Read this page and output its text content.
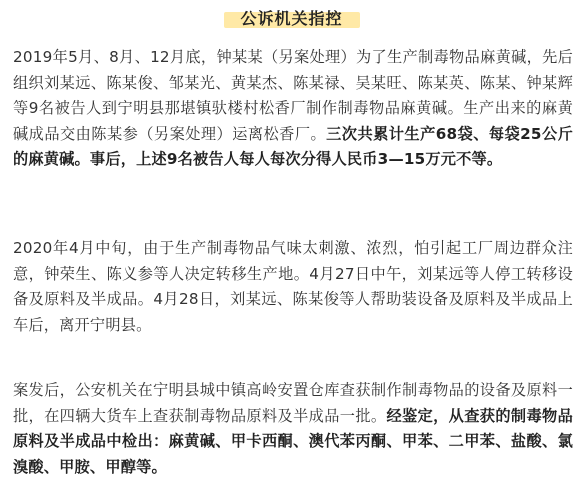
公诉机关指控

2019年5月、8月、12月底，钟某某（另案处理）为了生产制毒物品麻黄碱，先后组织刘某远、陈某俊、邹某光、黄某杰、陈某禄、吴某旺、陈某英、陈某、钟某辉等9名被告人到宁明县那堪镇驮楼村松香厂制作制毒物品麻黄碱。生产出来的麻黄碱成品交由陈某参（另案处理）运离松香厂。三次共累计生产68袋、每袋25公斤的麻黄碱。事后，上述9名被告人每人每次分得人民币3—15万元不等。

2020年4月中旬，由于生产制毒物品气味太刺激、浓烈，怕引起工厂周边群众注意，钟荣生、陈义参等人决定转移生产地。4月27日中午，刘某远等人停工转移设备及原料及半成品。4月28日，刘某远、陈某俊等人帮助装设备及原料及半成品上车后，离开宁明县。

案发后，公安机关在宁明县城中镇高岭安置仓库查获制作制毒物品的设备及原料一批，在四辆大货车上查获制毒物品原料及半成品一批。经鉴定，从查获的制毒物品原料及半成品中检出：麻黄碱、甲卡西酮、澳代苯丙酮、甲苯、二甲苯、盐酸、氯溴酸、甲胺、甲醇等。
